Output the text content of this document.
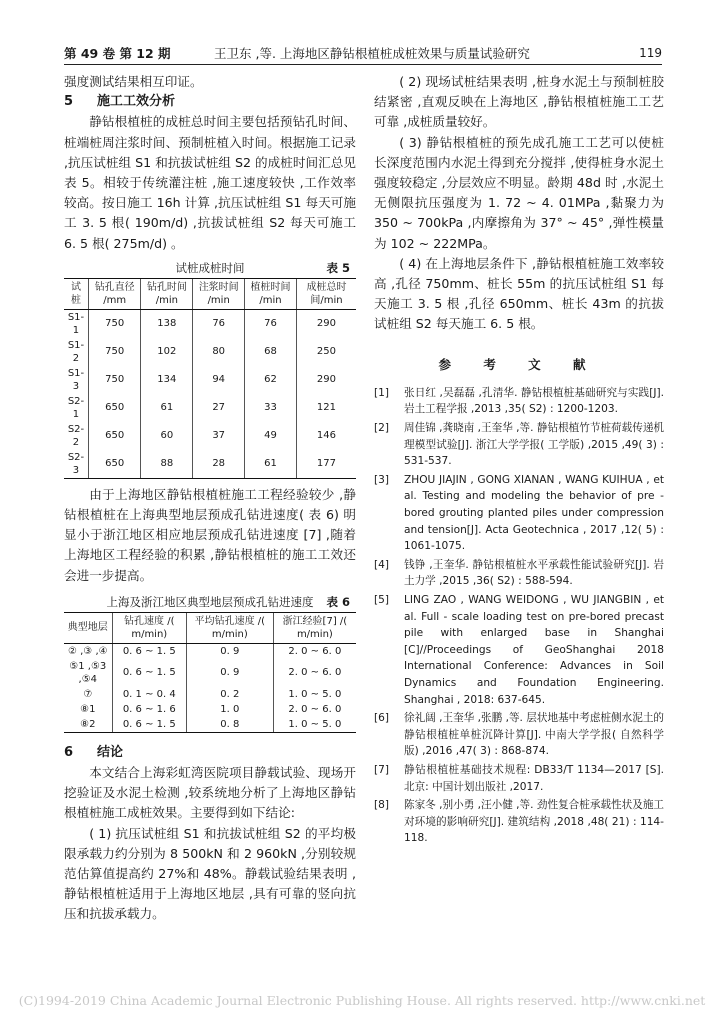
第 49 卷 第 12 期	王卫东 ,等. 上海地区静钻根植桩成桩效果与质量试验研究	119

强度测试结果相互印证。

5 施工工效分析

静钻根植桩的成桩总时间主要包括预钻孔时间、桩端桩周注浆时间、预制桩植入时间。根据施工记录 ,抗压试桩组 S1 和抗拔试桩组 S2 的成桩时间汇总见表 5。相较于传统灌注桩 ,施工速度较快 ,工作效率较高。按日施工 16h 计算 ,抗压试桩组 S1 每天可施工 3. 5 根( 190m/d) ,抗拔试桩组 S2 每天可施工 6. 5 根( 275m/d) 。

试桩成桩时间	表 5
试桩	钻孔直径 /mm	钻孔时间 /min	注浆时间 /min	植桩时间 /min	成桩总时间/min
S1-1	750	138	76	76	290
S1-2	750	102	80	68	250
S1-3	750	134	94	62	290
S2-1	650	61	27	33	121
S2-2	650	60	37	49	146
S2-3	650	88	28	61	177

由于上海地区静钻根植桩施工工程经验较少 ,静钻根植桩在上海典型地层预成孔钻进速度( 表 6) 明显小于浙江地区相应地层预成孔钻进速度 [7] ,随着上海地区工程经验的积累 ,静钻根植桩的施工工效还会进一步提高。

上海及浙江地区典型地层预成孔钻进速度	表 6
典型地层	钻孔速度 /( m/min)	平均钻孔速度 /( m/min)	浙江经验[7] /( m/min)
② ,③ ,④	0. 6 ~ 1. 5	0. 9	2. 0 ~ 6. 0
⑤1 ,⑤3 ,⑤4	0. 6 ~ 1. 5	0. 9	2. 0 ~ 6. 0
⑦	0. 1 ~ 0. 4	0. 2	1. 0 ~ 5. 0
⑧1	0. 6 ~ 1. 6	1. 0	2. 0 ~ 6. 0
⑧2	0. 6 ~ 1. 5	0. 8	1. 0 ~ 5. 0
6 结论

本文结合上海彩虹湾医院项目静载试验、现场开挖验证及水泥土检测 ,较系统地分析了上海地区静钻根植桩施工成桩效果。主要得到如下结论:

( 1) 抗压试桩组 S1 和抗拔试桩组 S2 的平均极限承载力约分别为 8 500kN 和 2 960kN ,分别较规范估算值提高约 27%和 48%。静载试验结果表明 ,静钻根植桩适用于上海地区地层 ,具有可靠的竖向抗压和抗拔承载力。

( 2) 现场试桩结果表明 ,桩身水泥土与预制桩胶结紧密 ,直观反映在上海地区 ,静钻根植桩施工工艺可靠 ,成桩质量较好。

( 3) 静钻根植桩的预先成孔施工工艺可以使桩长深度范围内水泥土得到充分搅拌 ,使得桩身水泥土强度较稳定 ,分层效应不明显。龄期 48d 时 ,水泥土无侧限抗压强度为 1. 72 ~ 4. 01MPa ,黏聚力为 350 ~ 700kPa ,内摩擦角为 37° ~ 45° ,弹性模量为 102 ~ 222MPa。

( 4) 在上海地层条件下 ,静钻根植桩施工效率较高 ,孔径 750mm、桩长 55m 的抗压试桩组 S1 每天施工 3. 5 根 ,孔径 650mm、桩长 43m 的抗拔试桩组 S2 每天施工 6. 5 根。

参 考 文 献
[1]	张日红 ,吴磊磊 ,孔清华. 静钻根植桩基础研究与实践[J]. 岩土工程学报 ,2013 ,35( S2) : 1200-1203.
[2]	周佳锦 ,龚晓南 ,王奎华 ,等. 静钻根植竹节桩荷载传递机理模型试验[J]. 浙江大学学报( 工学版) ,2015 ,49( 3) : 531-537.
[3]	ZHOU JIAJIN , GONG XIANAN , WANG KUIHUA , et al. Testing and modeling the behavior of pre - bored grouting planted piles under compression and tension[J]. Acta Geotechnica , 2017 ,12( 5) : 1061-1075.
[4]	钱铮 ,王奎华. 静钻根植桩水平承载性能试验研究[J]. 岩土力学 ,2015 ,36( S2) : 588-594.
[5]	LING ZAO , WANG WEIDONG , WU JIANGBIN , et al. Full - scale loading test on pre-bored precast pile with enlarged base in Shanghai [C]//Proceedings of GeoShanghai 2018 International Conference: Advances in Soil Dynamics and Foundation Engineering. Shanghai , 2018: 637-645.
[6]	徐礼阔 ,王奎华 ,张鹏 ,等. 层状地基中考虑桩侧水泥土的静钻根植桩单桩沉降计算[J]. 中南大学学报( 自然科学版) ,2016 ,47( 3) : 868-874.
[7]	静钻根植桩基础技术规程: DB33/T 1134—2017 [S]. 北京: 中国计划出版社 ,2017.
[8]	陈家冬 ,别小勇 ,汪小健 ,等. 劲性复合桩承载性状及施工对环境的影响研究[J]. 建筑结构 ,2018 ,48( 21) : 114-118.
(C)1994-2019 China Academic Journal Electronic Publishing House. All rights reserved. http://www.cnki.net
